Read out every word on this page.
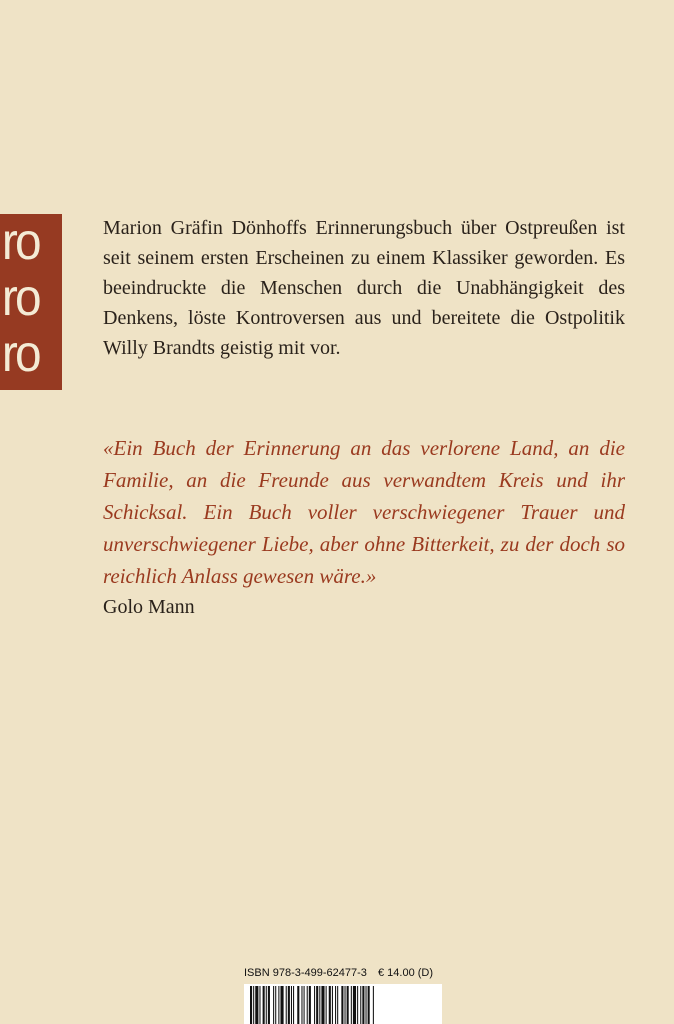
ro
ro
ro

Marion Gräfin Dönhoffs Erinnerungsbuch über Ostpreußen ist seit seinem ersten Erscheinen zu einem Klassiker geworden. Es beeindruckte die Menschen durch die Unabhängigkeit des Denkens, löste Kontroversen aus und bereitete die Ostpolitik Willy Brandts geistig mit vor.

«Ein Buch der Erinnerung an das verlorene Land, an die Familie, an die Freunde aus verwandtem Kreis und ihr Schicksal. Ein Buch voller verschwiegener Trauer und unverschwiegener Liebe, aber ohne Bitterkeit, zu der doch so reichlich Anlass gewesen wäre.»

Golo Mann

ISBN 978-3-499-62477-3 € 14.00 (D)
